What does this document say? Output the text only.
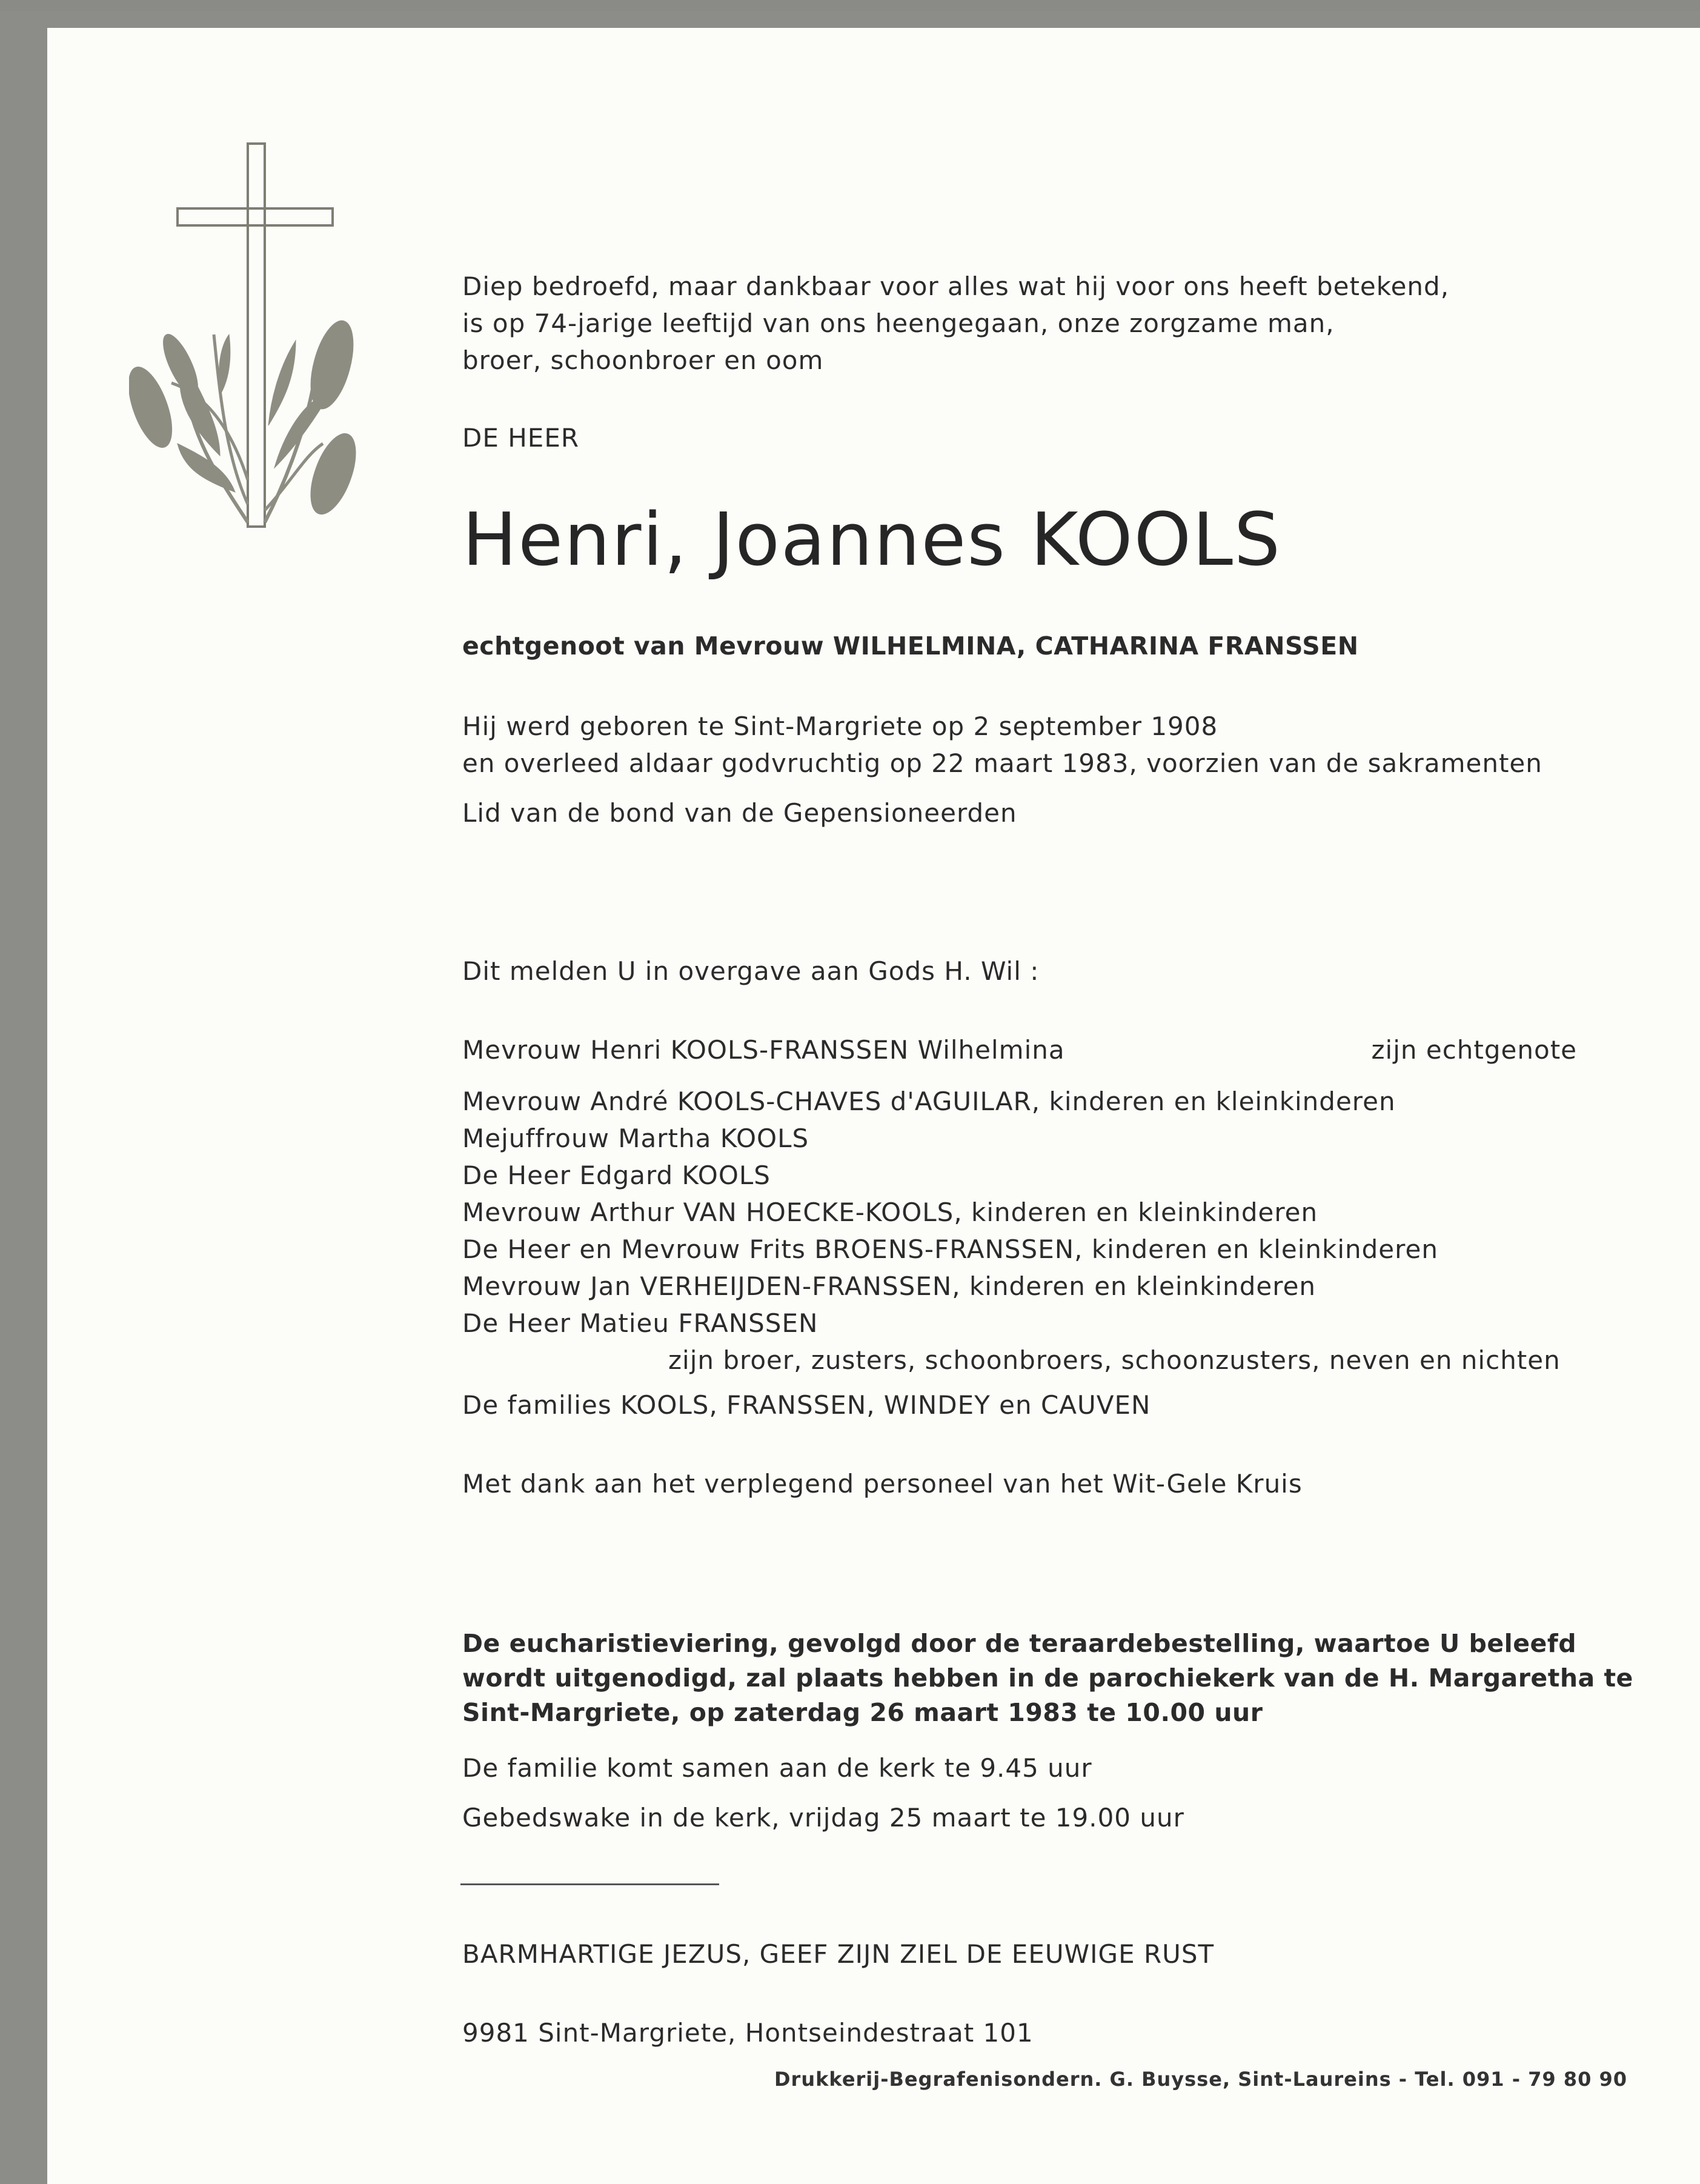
Diep bedroefd, maar dankbaar voor alles wat hij voor ons heeft betekend,
is op 74-jarige leeftijd van ons heengegaan, onze zorgzame man,
broer, schoonbroer en oom
DE HEER
Henri, Joannes KOOLS
echtgenoot van Mevrouw WILHELMINA, CATHARINA FRANSSEN
Hij werd geboren te Sint-Margriete op 2 september 1908
en overleed aldaar godvruchtig op 22 maart 1983, voorzien van de sakramenten
Lid van de bond van de Gepensioneerden
Dit melden U in overgave aan Gods H. Wil :
Mevrouw Henri KOOLS-FRANSSEN Wilhelmina	zijn echtgenote
Mevrouw André KOOLS-CHAVES d'AGUILAR, kinderen en kleinkinderen
Mejuffrouw Martha KOOLS
De Heer Edgard KOOLS
Mevrouw Arthur VAN HOECKE-KOOLS, kinderen en kleinkinderen
De Heer en Mevrouw Frits BROENS-FRANSSEN, kinderen en kleinkinderen
Mevrouw Jan VERHEIJDEN-FRANSSEN, kinderen en kleinkinderen
De Heer Matieu FRANSSEN
zijn broer, zusters, schoonbroers, schoonzusters, neven en nichten
De families KOOLS, FRANSSEN, WINDEY en CAUVEN
Met dank aan het verplegend personeel van het Wit-Gele Kruis
De eucharistieviering, gevolgd door de teraardebestelling, waartoe U beleefd
wordt uitgenodigd, zal plaats hebben in de parochiekerk van de H. Margaretha te
Sint-Margriete, op zaterdag 26 maart 1983 te 10.00 uur
De familie komt samen aan de kerk te 9.45 uur
Gebedswake in de kerk, vrijdag 25 maart te 19.00 uur
BARMHARTIGE JEZUS, GEEF ZIJN ZIEL DE EEUWIGE RUST
9981 Sint-Margriete, Hontseindestraat 101
Drukkerij-Begrafenisondern. G. Buysse, Sint-Laureins - Tel. 091 - 79 80 90
